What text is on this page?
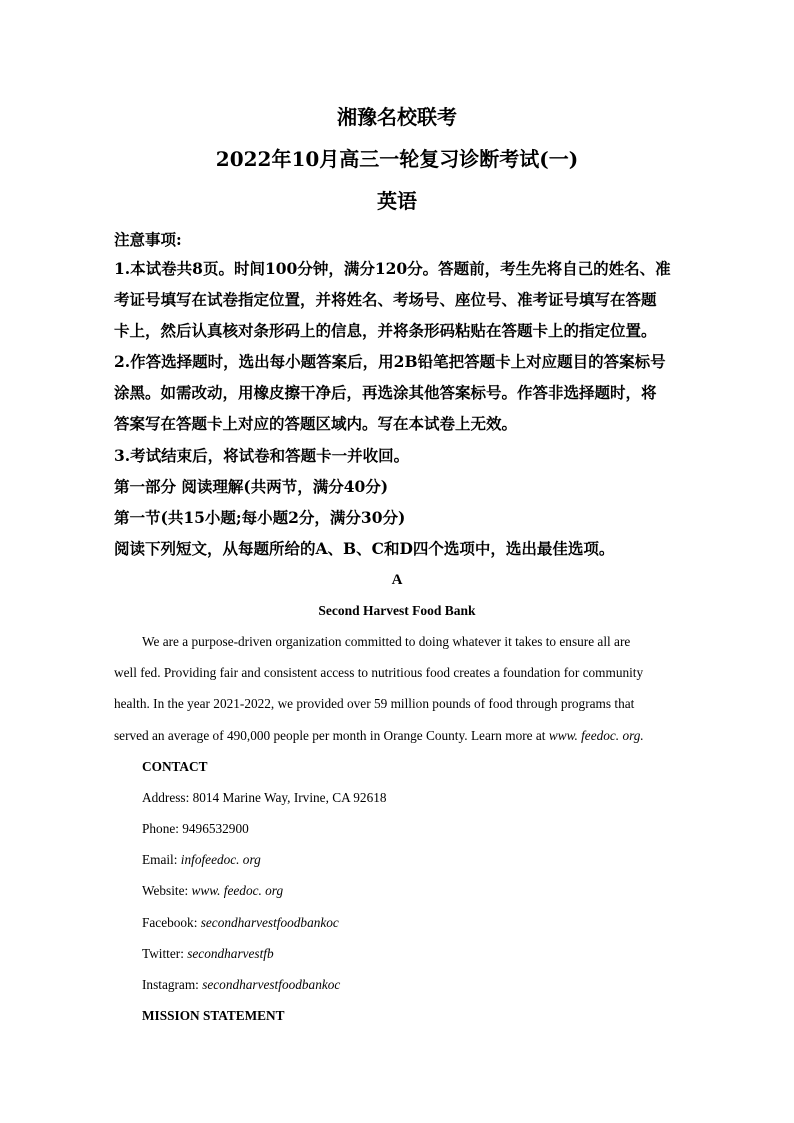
湘豫名校联考
2022年10月高三一轮复习诊断考试(一)
英语
注意事项:
1.本试卷共8页。时间100分钟，满分120分。答题前，考生先将自己的姓名、准
考证号填写在试卷指定位置，并将姓名、考场号、座位号、准考证号填写在答题
卡上，然后认真核对条形码上的信息，并将条形码粘贴在答题卡上的指定位置。
2.作答选择题时，选出每小题答案后，用2B铅笔把答题卡上对应题目的答案标号
涂黑。如需改动，用橡皮擦干净后，再选涂其他答案标号。作答非选择题时，将
答案写在答题卡上对应的答题区域内。写在本试卷上无效。
3.考试结束后，将试卷和答题卡一并收回。
第一部分 阅读理解(共两节，满分40分)
第一节(共15小题;每小题2分，满分30分)
阅读下列短文，从每题所给的A、B、C和D四个选项中，选出最佳选项。
A
Second Harvest Food Bank
We are a purpose-driven organization committed to doing whatever it takes to ensure all are
well fed. Providing fair and consistent access to nutritious food creates a foundation for community
health. In the year 2021-2022, we provided over 59 million pounds of food through programs that
served an average of 490,000 people per month in Orange County. Learn more at www. feedoc. org.
CONTACT
Address: 8014 Marine Way, Irvine, CA 92618
Phone: 9496532900
Email: infofeedoc. org
Website: www. feedoc. org
Facebook: secondharvestfoodbankoc
Twitter: secondharvestfb
Instagram: secondharvestfoodbankoc
MISSION STATEMENT
